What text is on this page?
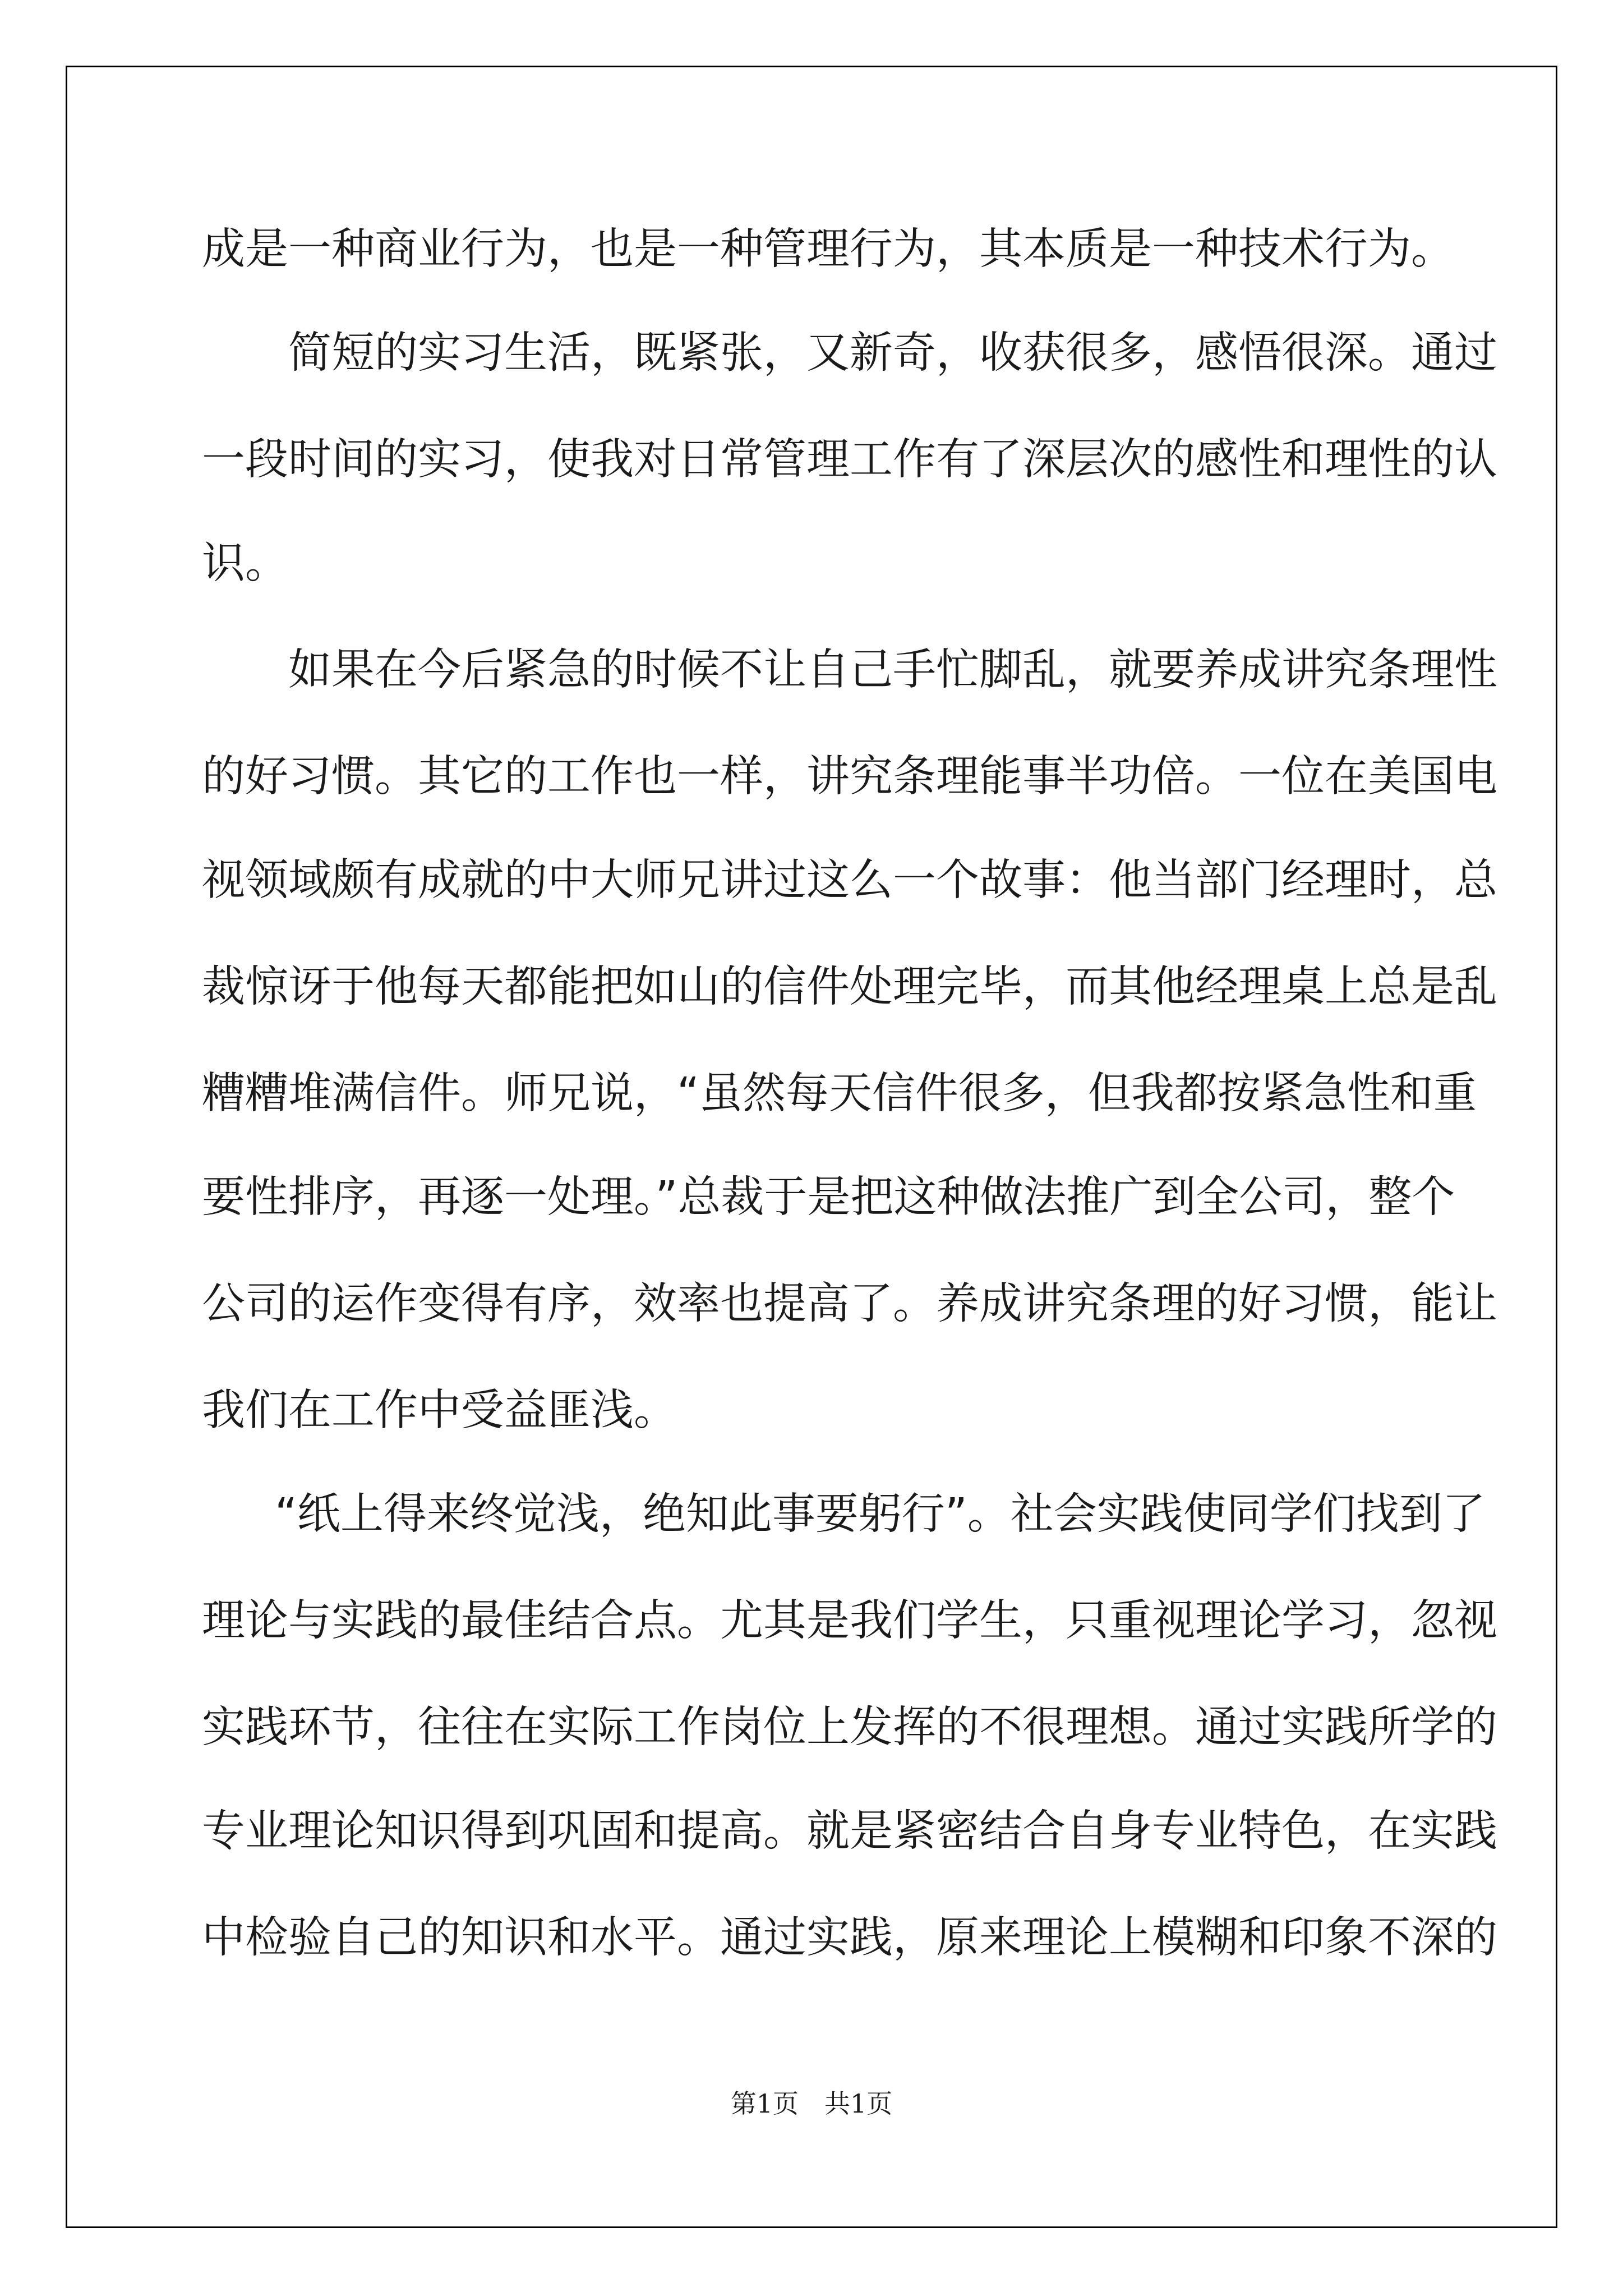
成是一种商业行为，也是一种管理行为，其本质是一种技术行为。
简短的实习生活，既紧张，又新奇，收获很多，感悟很深。通过
一段时间的实习，使我对日常管理工作有了深层次的感性和理性的认
识。
如果在今后紧急的时候不让自己手忙脚乱，就要养成讲究条理性
的好习惯。其它的工作也一样，讲究条理能事半功倍。一位在美国电
视领域颇有成就的中大师兄讲过这么一个故事：他当部门经理时，总
裁惊讶于他每天都能把如山的信件处理完毕，而其他经理桌上总是乱
糟糟堆满信件。师兄说，“虽然每天信件很多，但我都按紧急性和重
要性排序，再逐一处理。”总裁于是把这种做法推广到全公司，整个
公司的运作变得有序，效率也提高了。养成讲究条理的好习惯，能让
我们在工作中受益匪浅。
“纸上得来终觉浅，绝知此事要躬行”。社会实践使同学们找到了
理论与实践的最佳结合点。尤其是我们学生，只重视理论学习，忽视
实践环节，往往在实际工作岗位上发挥的不很理想。通过实践所学的
专业理论知识得到巩固和提高。就是紧密结合自身专业特色，在实践
中检验自己的知识和水平。通过实践，原来理论上模糊和印象不深的
第1页　共1页
